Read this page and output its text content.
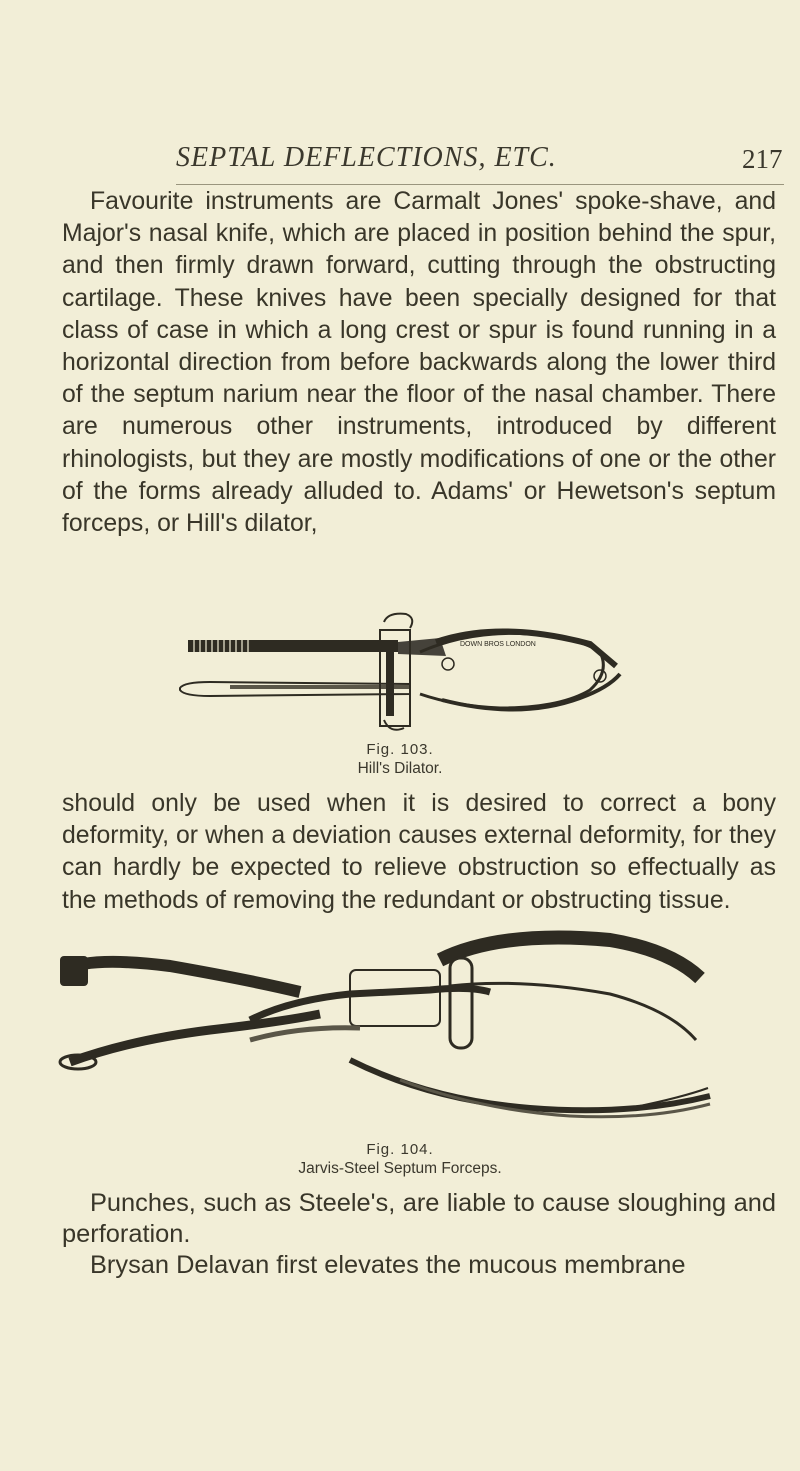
SEPTAL DEFLECTIONS, ETC.	217
Favourite instruments are Carmalt Jones' spoke-shave, and Major's nasal knife, which are placed in position behind the spur, and then firmly drawn forward, cutting through the obstructing cartilage. These knives have been specially designed for that class of case in which a long crest or spur is found running in a horizontal direction from before backwards along the lower third of the septum narium near the floor of the nasal chamber. There are numerous other instruments, introduced by different rhinologists, but they are mostly modifications of one or the other of the forms already alluded to. Adams' or Hewetson's septum forceps, or Hill's dilator,
DOWN BROS LONDON
Fig. 103.
Hill's Dilator.
should only be used when it is desired to correct a bony deformity, or when a deviation causes external deformity, for they can hardly be expected to relieve obstruction so effectually as the methods of removing the redundant or obstructing tissue.
MAYER & MELTZER
Fig. 104.
Jarvis-Steel Septum Forceps.
Punches, such as Steele's, are liable to cause sloughing and perforation.
Brysan Delavan first elevates the mucous membrane
